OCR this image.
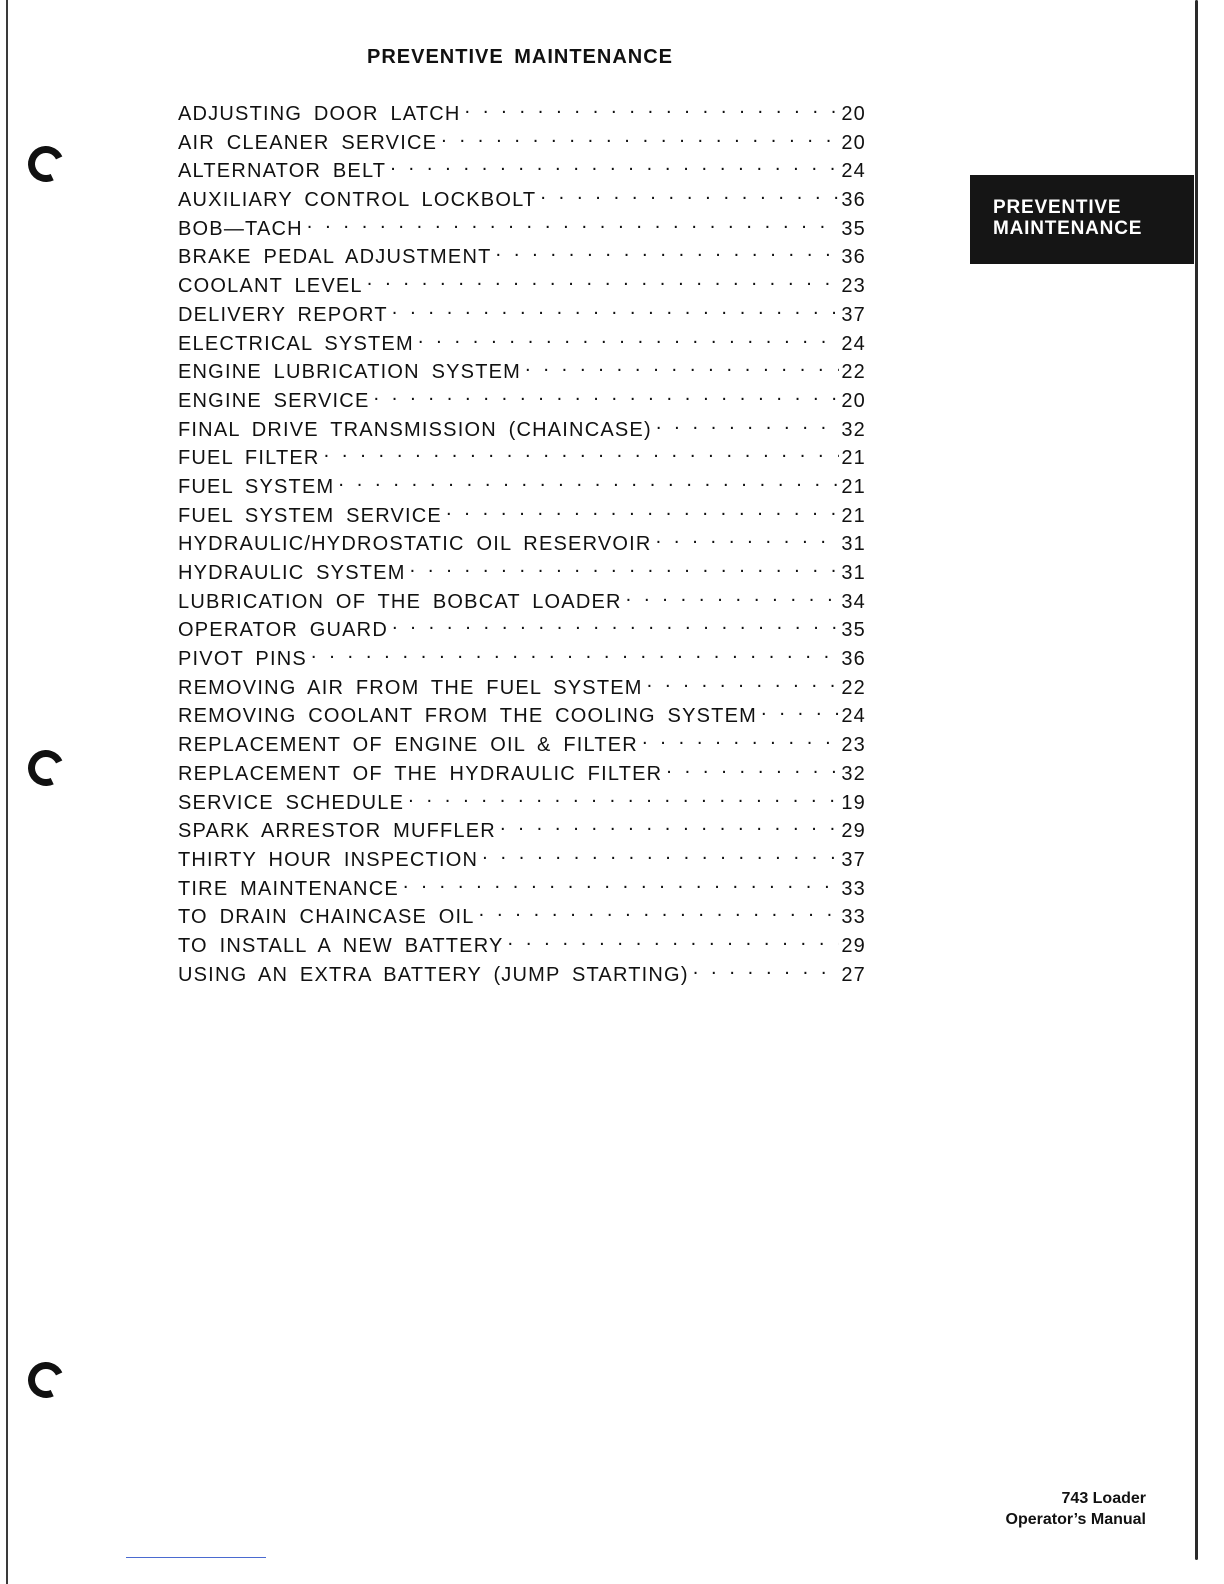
PREVENTIVE MAINTENANCE
ADJUSTING DOOR LATCH . . .	20
AIR CLEANER SERVICE . . .	20
ALTERNATOR BELT . . .	24
AUXILIARY CONTROL LOCKBOLT . . .	36
BOB—TACH . . .	35
BRAKE PEDAL ADJUSTMENT . . .	36
COOLANT LEVEL . . .	23
DELIVERY REPORT . . .	37
ELECTRICAL SYSTEM . . .	24
ENGINE LUBRICATION SYSTEM . . .	22
ENGINE SERVICE . . .	20
FINAL DRIVE TRANSMISSION (CHAINCASE) . . .	32
FUEL FILTER . . .	21
FUEL SYSTEM . . .	21
FUEL SYSTEM SERVICE . . .	21
HYDRAULIC/HYDROSTATIC OIL RESERVOIR . . .	31
HYDRAULIC SYSTEM . . .	31
LUBRICATION OF THE BOBCAT LOADER . . .	34
OPERATOR GUARD . . .	35
PIVOT PINS . . .	36
REMOVING AIR FROM THE FUEL SYSTEM . . .	22
REMOVING COOLANT FROM THE COOLING SYSTEM . . .	24
REPLACEMENT OF ENGINE OIL & FILTER . . .	23
REPLACEMENT OF THE HYDRAULIC FILTER . . .	32
SERVICE SCHEDULE . . .	19
SPARK ARRESTOR MUFFLER . . .	29
THIRTY HOUR INSPECTION . . .	37
TIRE MAINTENANCE . . .	33
TO DRAIN CHAINCASE OIL . . .	33
TO INSTALL A NEW BATTERY . . .	29
USING AN EXTRA BATTERY (JUMP STARTING) . . .	27
PREVENTIVE
MAINTENANCE
743 Loader
Operator’s Manual
